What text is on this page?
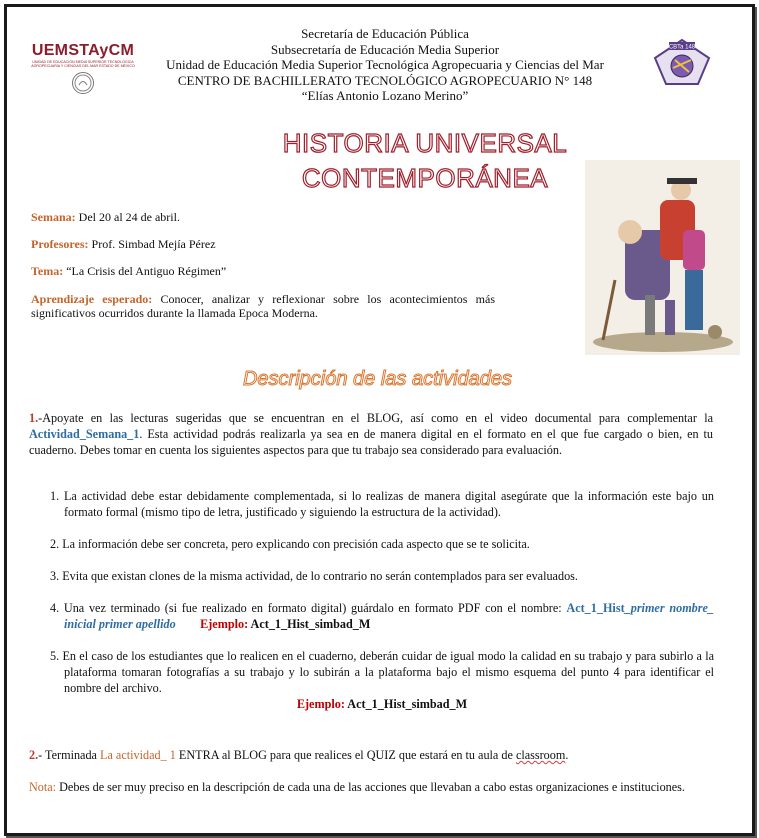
UEMSTAyCM
UNIDAD DE EDUCACIÓN MEDIA SUPERIOR TECNOLÓGICA AGROPECUARIA Y CIENCIAS DEL MAR ESTADO DE MÉXICO
Secretaría de Educación Pública
Subsecretaría de Educación Media Superior
Unidad de Educación Media Superior Tecnológica Agropecuaria y Ciencias del Mar
CENTRO DE BACHILLERATO TECNOLÓGICO AGROPECUARIO N° 148
“Elías Antonio Lozano Merino”
CBTa 148
HISTORIA UNIVERSAL
CONTEMPORÁNEA
Semana: Del 20 al 24 de abril.
Profesores: Prof. Simbad Mejía Pérez
Tema: “La Crisis del Antiguo Régimen”
Aprendizaje esperado: Conocer, analizar y reflexionar sobre los acontecimientos más significativos ocurridos durante la llamada Epoca Moderna.
Descripción de las actividades
1.-Apoyate en las lecturas sugeridas que se encuentran en el BLOG, así como en el video documental para complementar la Actividad_Semana_1. Esta actividad podrás realizarla ya sea en de manera digital en el formato en el que fue cargado o bien, en tu cuaderno. Debes tomar en cuenta los siguientes aspectos para que tu trabajo sea considerado para evaluación.
1. La actividad debe estar debidamente complementada, si lo realizas de manera digital asegúrate que la información este bajo un formato formal (mismo tipo de letra, justificado y siguiendo la estructura de la actividad).
2. La información debe ser concreta, pero explicando con precisión cada aspecto que se te solicita.
3. Evita que existan clones de la misma actividad, de lo contrario no serán contemplados para ser evaluados.
4. Una vez terminado (si fue realizado en formato digital) guárdalo en formato PDF con el nombre: Act_1_Hist_primer nombre_ inicial primer apellido Ejemplo: Act_1_Hist_simbad_M
5. En el caso de los estudiantes que lo realicen en el cuaderno, deberán cuidar de igual modo la calidad en su trabajo y para subirlo a la plataforma tomaran fotografías a su trabajo y lo subirán a la plataforma bajo el mismo esquema del punto 4 para identificar el nombre del archivo.
Ejemplo: Act_1_Hist_simbad_M
2.- Terminada La actividad_ 1 ENTRA al BLOG para que realices el QUIZ que estará en tu aula de classroom.
Nota: Debes de ser muy preciso en la descripción de cada una de las acciones que llevaban a cabo estas organizaciones e instituciones.
